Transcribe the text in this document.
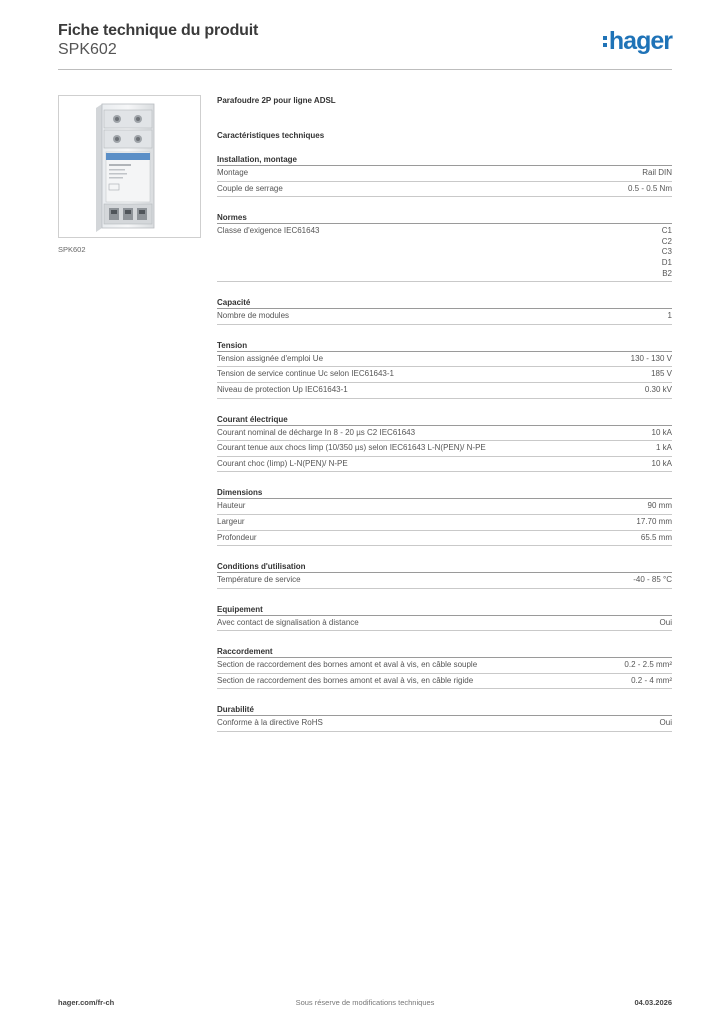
Fiche technique du produit
SPK602	hager
SPK602
Parafoudre 2P pour ligne ADSL
Caractéristiques techniques
Installation, montage
Montage	Rail DIN
Couple de serrage	0.5 - 0.5 Nm
Normes
Classe d'exigence IEC61643	C1
C2
C3
D1
B2
Capacité
Nombre de modules	1
Tension
Tension assignée d'emploi Ue	130 - 130 V
Tension de service continue Uc selon IEC61643-1	185 V
Niveau de protection Up IEC61643-1	0.30 kV
Courant électrique
Courant nominal de décharge In 8 - 20 µs C2 IEC61643	10 kA
Courant tenue aux chocs Iimp (10/350 µs) selon IEC61643 L-N(PEN)/ N-PE	1 kA
Courant choc (Iimp) L-N(PEN)/ N-PE	10 kA
Dimensions
Hauteur	90 mm
Largeur	17.70 mm
Profondeur	65.5 mm
Conditions d'utilisation
Température de service	-40 - 85 °C
Equipement
Avec contact de signalisation à distance	Oui
Raccordement
Section de raccordement des bornes amont et aval à vis, en câble souple	0.2 - 2.5 mm²
Section de raccordement des bornes amont et aval à vis, en câble rigide	0.2 - 4 mm²
Durabilité
Conforme à la directive RoHS	Oui
hager.com/fr-ch	Sous réserve de modifications techniques	04.03.2026
